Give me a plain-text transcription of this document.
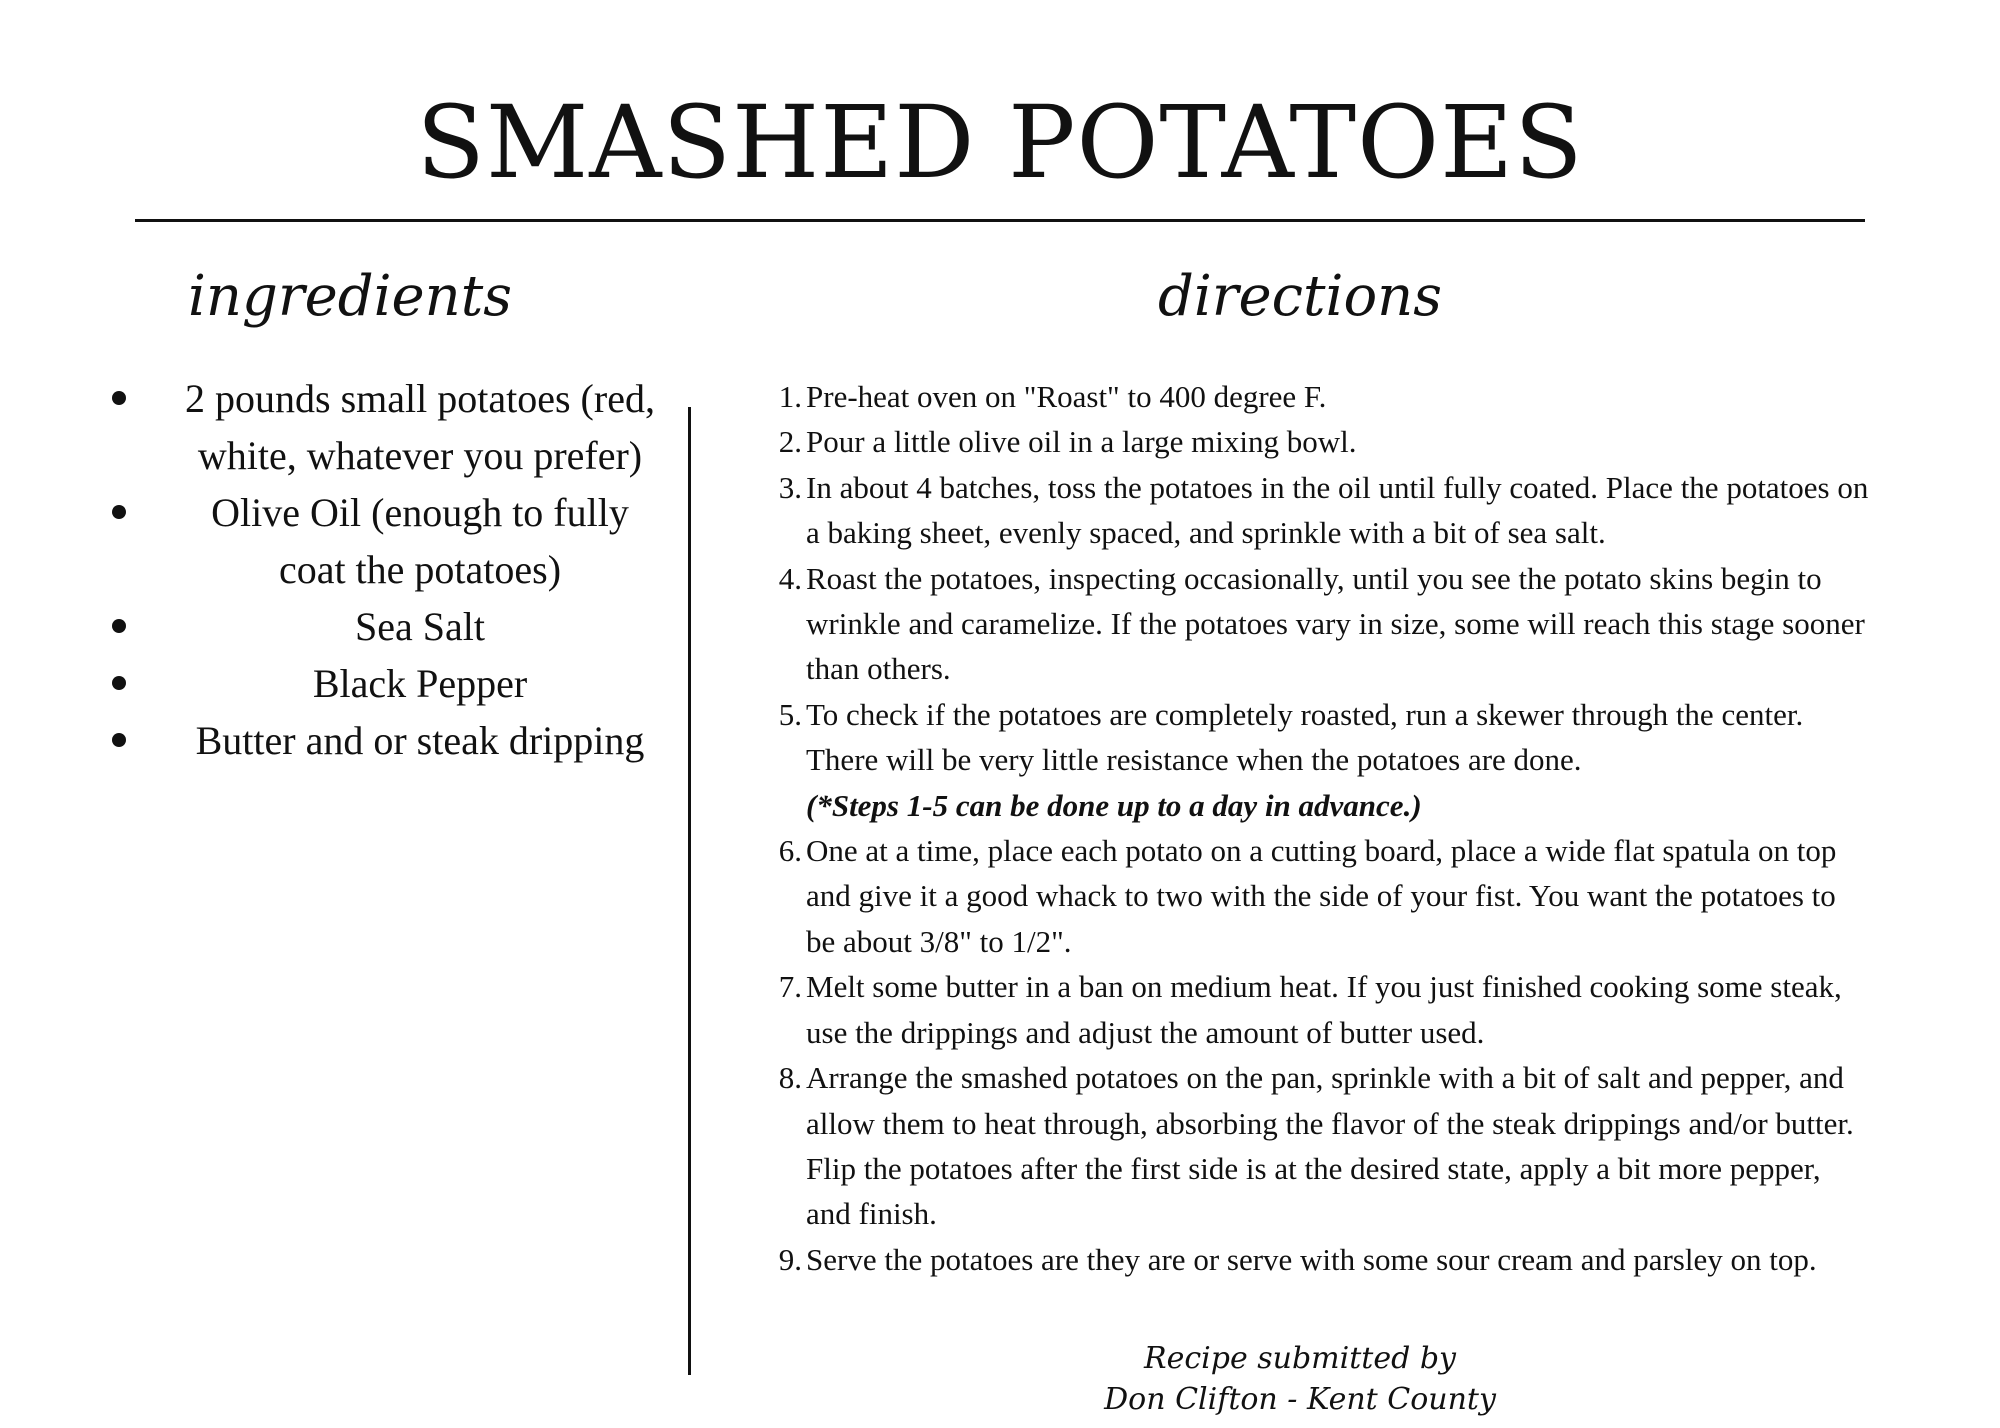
SMASHED POTATOES
ingredients	directions
2 pounds small potatoes (red, white, whatever you prefer)
Olive Oil (enough to fully coat the potatoes)
Sea Salt
Black Pepper
Butter and or steak dripping
1. Pre-heat oven on "Roast" to 400 degree F.
2. Pour a little olive oil in a large mixing bowl.
3. In about 4 batches, toss the potatoes in the oil until fully coated. Place the potatoes on a baking sheet, evenly spaced, and sprinkle with a bit of sea salt.
4. Roast the potatoes, inspecting occasionally, until you see the potato skins begin to wrinkle and caramelize. If the potatoes vary in size, some will reach this stage sooner than others.
5. To check if the potatoes are completely roasted, run a skewer through the center. There will be very little resistance when the potatoes are done.
(*Steps 1-5 can be done up to a day in advance.)
6. One at a time, place each potato on a cutting board, place a wide flat spatula on top and give it a good whack to two with the side of your fist. You want the potatoes to be about 3/8" to 1/2".
7. Melt some butter in a ban on medium heat. If you just finished cooking some steak, use the drippings and adjust the amount of butter used.
8. Arrange the smashed potatoes on the pan, sprinkle with a bit of salt and pepper, and allow them to heat through, absorbing the flavor of the steak drippings and/or butter. Flip the potatoes after the first side is at the desired state, apply a bit more pepper, and finish.
9. Serve the potatoes are they are or serve with some sour cream and parsley on top.
Recipe submitted by
Don Clifton - Kent County
